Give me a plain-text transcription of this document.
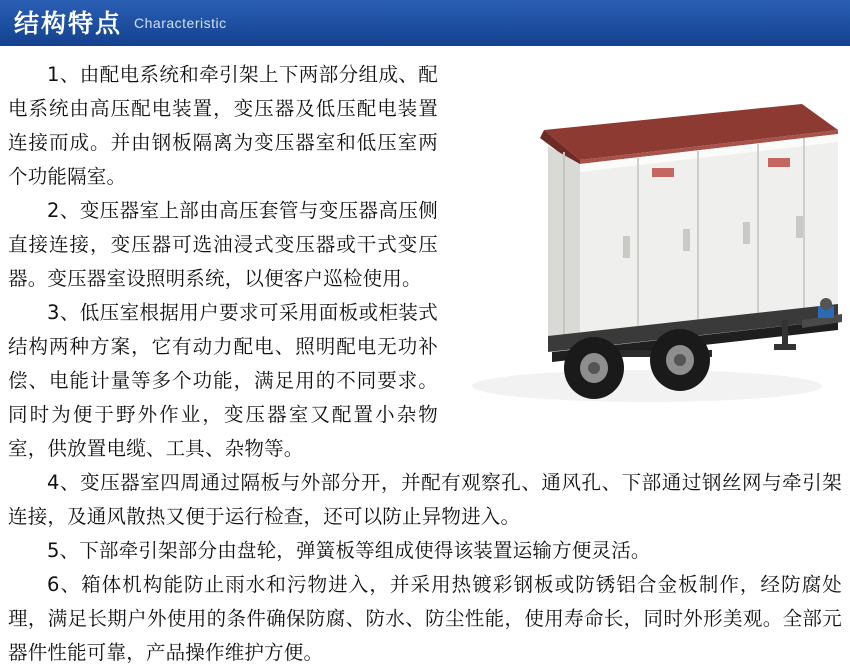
结构特点 Characteristic

1、由配电系统和牵引架上下两部分组成、配电系统由高压配电装置，变压器及低压配电装置连接而成。并由钢板隔离为变压器室和低压室两个功能隔室。

2、变压器室上部由高压套管与变压器高压侧直接连接，变压器可选油浸式变压器或干式变压器。变压器室设照明系统，以便客户巡检使用。

3、低压室根据用户要求可采用面板或柜装式结构两种方案，它有动力配电、照明配电无功补偿、电能计量等多个功能，满足用的不同要求。同时为便于野外作业，变压器室又配置小杂物室，供放置电缆、工具、杂物等。

4、变压器室四周通过隔板与外部分开，并配有观察孔、通风孔、下部通过钢丝网与牵引架连接，及通风散热又便于运行检查，还可以防止异物进入。

5、下部牵引架部分由盘轮，弹簧板等组成使得该装置运输方便灵活。

6、箱体机构能防止雨水和污物进入，并采用热镀彩钢板或防锈铝合金板制作，经防腐处理，满足长期户外使用的条件确保防腐、防水、防尘性能，使用寿命长，同时外形美观。全部元器件性能可靠，产品操作维护方便。
